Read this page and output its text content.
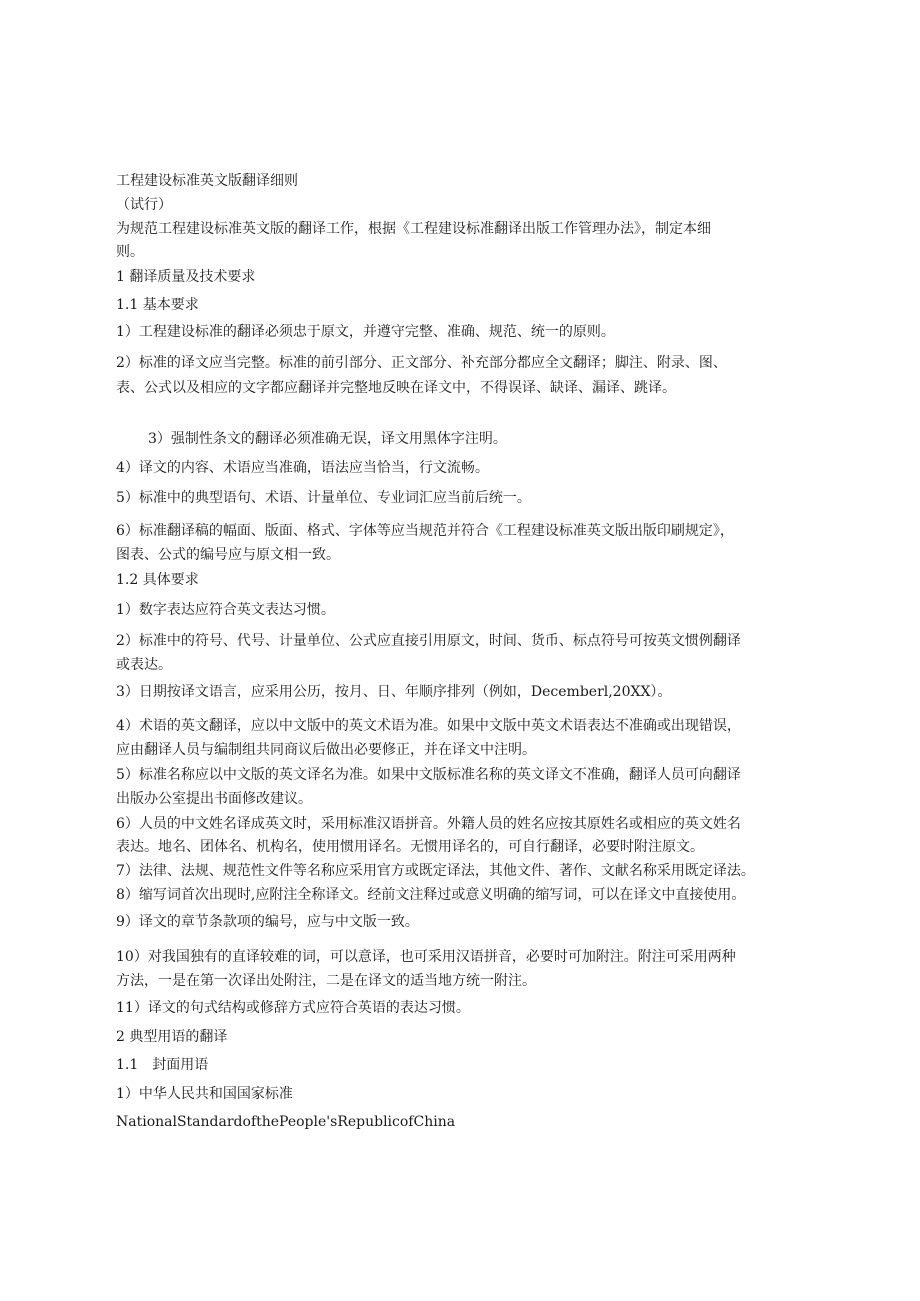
工程建设标准英文版翻译细则

（试行）

为规范工程建设标准英文版的翻译工作，根据《工程建设标准翻译出版工作管理办法》，制定本细

则。

1 翻译质量及技术要求

1.1 基本要求

1）工程建设标准的翻译必须忠于原文，并遵守完整、准确、规范、统一的原则。

2）标准的译文应当完整。标准的前引部分、正文部分、补充部分都应全文翻译；脚注、附录、图、

表、公式以及相应的文字都应翻译并完整地反映在译文中，不得误译、缺译、漏译、跳译。

3）强制性条文的翻译必须准确无误，译文用黑体字注明。

4）译文的内容、术语应当准确，语法应当恰当，行文流畅。

5）标准中的典型语句、术语、计量单位、专业词汇应当前后统一。

6）标准翻译稿的幅面、版面、格式、字体等应当规范并符合《工程建设标准英文版出版印刷规定》，

图表、公式的编号应与原文相一致。

1.2 具体要求

1）数字表达应符合英文表达习惯。

2）标准中的符号、代号、计量单位、公式应直接引用原文，时间、货币、标点符号可按英文惯例翻译

或表达。

3）日期按译文语言，应采用公历，按月、日、年顺序排列（例如，Decemberl,20XX）。

4）术语的英文翻译，应以中文版中的英文术语为准。如果中文版中英文术语表达不准确或出现错误，

应由翻译人员与编制组共同商议后做出必要修正，并在译文中注明。

5）标准名称应以中文版的英文译名为准。如果中文版标准名称的英文译文不准确，翻译人员可向翻译

出版办公室提出书面修改建议。

6）人员的中文姓名译成英文时，采用标准汉语拼音。外籍人员的姓名应按其原姓名或相应的英文姓名

表达。地名、团体名、机构名，使用惯用译名。无惯用译名的，可自行翻译，必要时附注原文。

7）法律、法规、规范性文件等名称应采用官方或既定译法，其他文件、著作、文献名称采用既定译法。

8）缩写词首次出现时,应附注全称译文。经前文注释过或意义明确的缩写词，可以在译文中直接使用。

9）译文的章节条款项的编号，应与中文版一致。

10）对我国独有的直译较难的词，可以意译，也可采用汉语拼音，必要时可加附注。附注可采用两种

方法，一是在第一次译出处附注，二是在译文的适当地方统一附注。

11）译文的句式结构或修辞方式应符合英语的表达习惯。

2 典型用语的翻译

1.1　封面用语

1）中华人民共和国国家标准

NationalStandardofthePeople'sRepublicofChina
